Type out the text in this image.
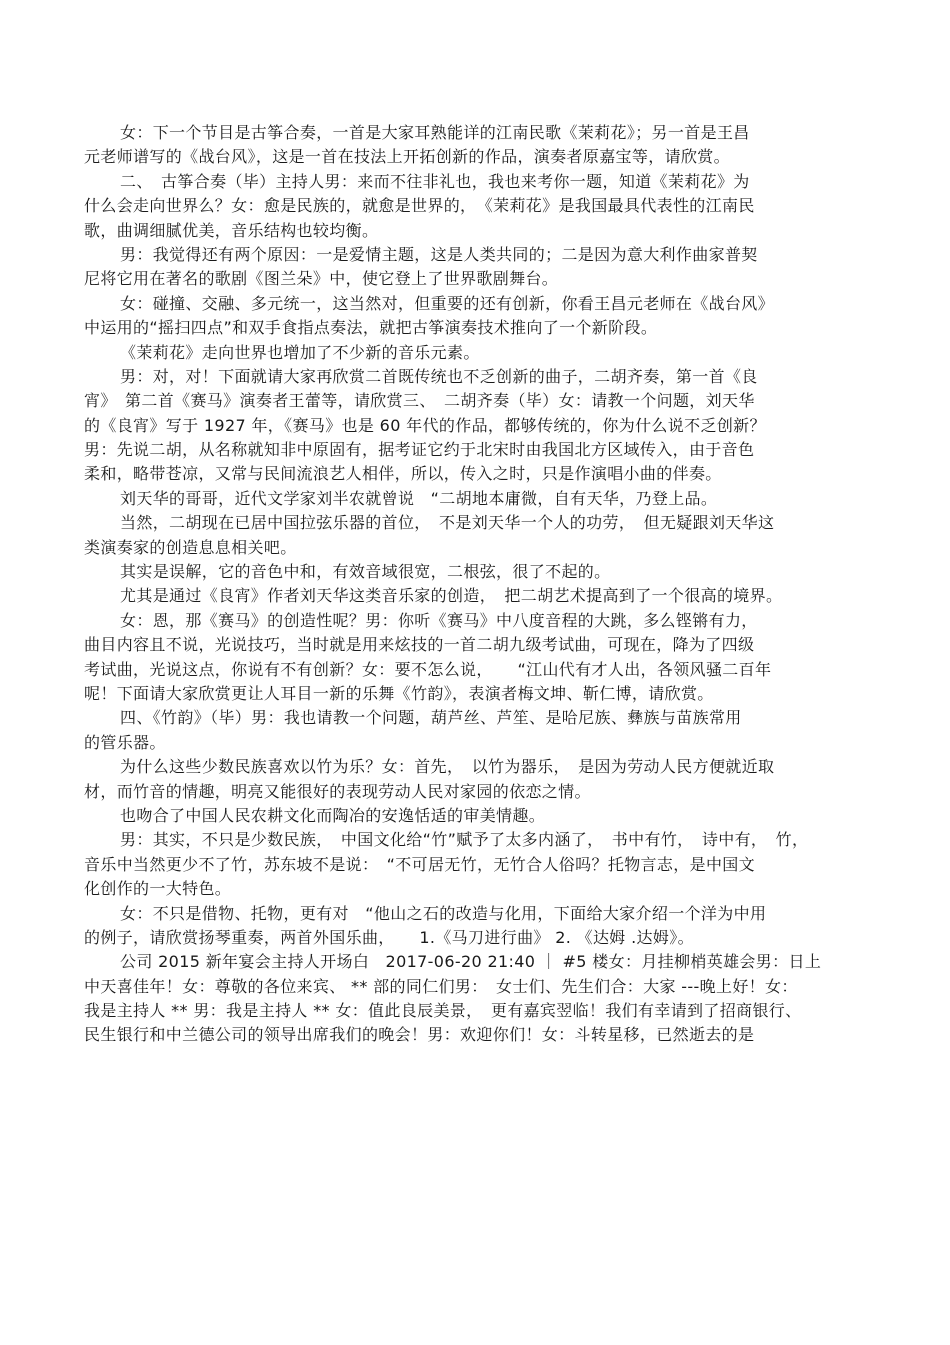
女：下一个节目是古筝合奏，一首是大家耳熟能详的江南民歌《茉莉花》；另一首是王昌
元老师谱写的《战台风》，这是一首在技法上开拓创新的作品，演奏者原嘉宝等，请欣赏。
二、　古筝合奏（毕）主持人男：来而不往非礼也，我也来考你一题，知道《茉莉花》为
什么会走向世界么？女：愈是民族的，就愈是世界的，　《茉莉花》是我国最具代表性的江南民
歌，曲调细腻优美，音乐结构也较均衡。
男：我觉得还有两个原因：一是爱情主题，这是人类共同的；二是因为意大利作曲家普契
尼将它用在著名的歌剧《图兰朵》中，使它登上了世界歌剧舞台。
女：碰撞、交融、多元统一，这当然对，但重要的还有创新，你看王昌元老师在《战台风》
中运用的“摇扫四点”和双手食指点奏法，就把古筝演奏技术推向了一个新阶段。
《茉莉花》走向世界也增加了不少新的音乐元素。
男：对，对！下面就请大家再欣赏二首既传统也不乏创新的曲子，二胡齐奏，第一首《良
宵》　第二首《赛马》演奏者王蕾等，请欣赏三、　二胡齐奏（毕）女：请教一个问题，刘天华
的《良宵》写于 1927 年，《赛马》也是 60 年代的作品，都够传统的，你为什么说不乏创新？
男：先说二胡，从名称就知非中原固有，据考证它约于北宋时由我国北方区域传入，由于音色
柔和，略带苍凉，又常与民间流浪艺人相伴，所以，传入之时，只是作演唱小曲的伴奏。
刘天华的哥哥，近代文学家刘半农就曾说　“二胡地本庸微，自有天华，乃登上品。
当然，二胡现在已居中国拉弦乐器的首位，　不是刘天华一个人的功劳，　但无疑跟刘天华这
类演奏家的创造息息相关吧。
其实是误解，它的音色中和，有效音域很宽，二根弦，很了不起的。
尤其是通过《良宵》作者刘天华这类音乐家的创造，　把二胡艺术提高到了一个很高的境界。
女：恩，那《赛马》的创造性呢？男：你听《赛马》中八度音程的大跳，多么铿锵有力，
曲目内容且不说，光说技巧，当时就是用来炫技的一首二胡九级考试曲，可现在，降为了四级
考试曲，光说这点，你说有不有创新？女：要不怎么说，　　“江山代有才人出，各领风骚二百年
呢！下面请大家欣赏更让人耳目一新的乐舞《竹韵》，表演者梅文坤、靳仁博，请欣赏。
四、《竹韵》（毕）男：我也请教一个问题，葫芦丝、芦笙、是哈尼族、彝族与苗族常用
的管乐器。
为什么这些少数民族喜欢以竹为乐？女：首先，　以竹为器乐，　是因为劳动人民方便就近取
材，而竹音的情趣，明亮又能很好的表现劳动人民对家园的依恋之情。
也吻合了中国人民农耕文化而陶冶的安逸恬适的审美情趣。
男：其实，不只是少数民族，　中国文化给“竹”赋予了太多内涵了，　书中有竹，　诗中有，　竹，
音乐中当然更少不了竹，苏东坡不是说：　“不可居无竹，无竹合人俗吗？托物言志，是中国文
化创作的一大特色。
女：不只是借物、托物，更有对　“他山之石的改造与化用，下面给大家介绍一个洋为中用
的例子，请欣赏扬琴重奏，两首外国乐曲，　　1.《马刀进行曲》 2. 《达姆 .达姆》。
公司 2015 新年宴会主持人开场白　2017-06-20 21:40 ｜ #5 楼女：月挂柳梢英雄会男：日上
中天喜佳年！女：尊敬的各位来宾、 ** 部的同仁们男：　女士们、先生们合：大家 ---晚上好！女：
我是主持人 ** 男：我是主持人 ** 女：值此良辰美景，　更有嘉宾翌临！我们有幸请到了招商银行、
民生银行和中兰德公司的领导出席我们的晚会！男：欢迎你们！女：斗转星移，已然逝去的是
